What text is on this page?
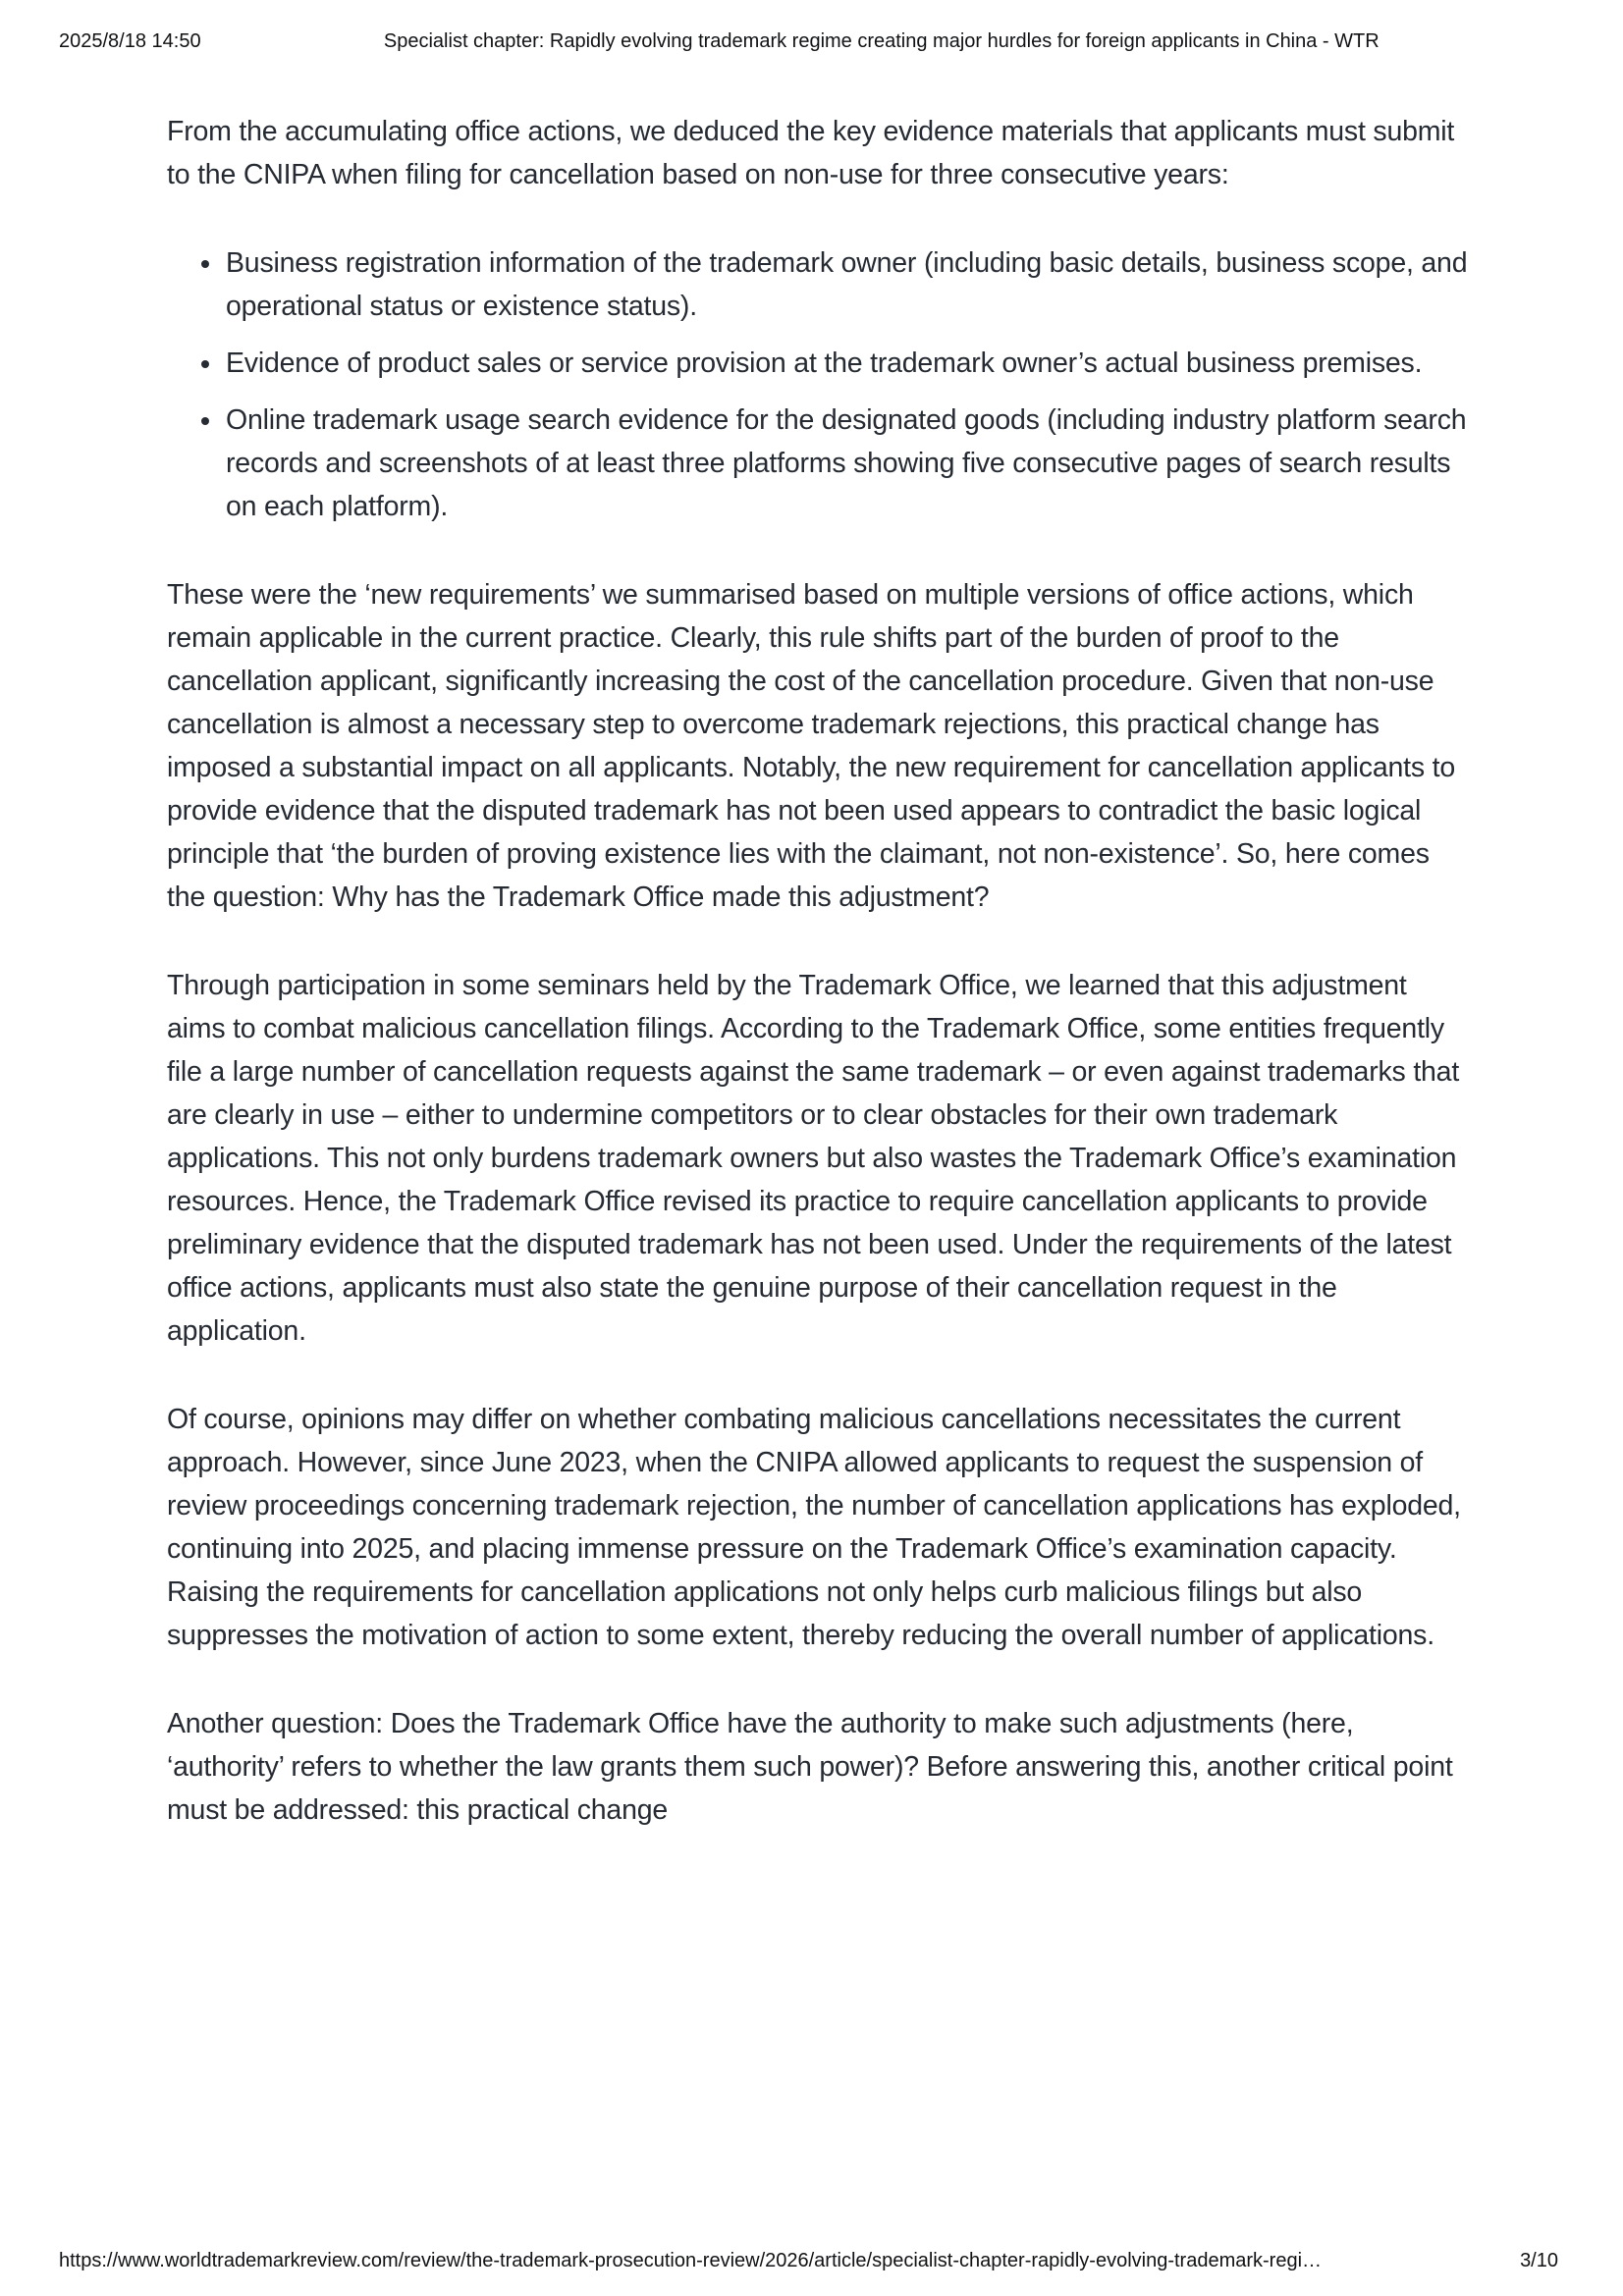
2025/8/18 14:50	Specialist chapter: Rapidly evolving trademark regime creating major hurdles for foreign applicants in China - WTR

From the accumulating office actions, we deduced the key evidence materials that applicants must submit to the CNIPA when filing for cancellation based on non-use for three consecutive years:

• Business registration information of the trademark owner (including basic details, business scope, and operational status or existence status).
• Evidence of product sales or service provision at the trademark owner’s actual business premises.
• Online trademark usage search evidence for the designated goods (including industry platform search records and screenshots of at least three platforms showing five consecutive pages of search results on each platform).

These were the ‘new requirements’ we summarised based on multiple versions of office actions, which remain applicable in the current practice. Clearly, this rule shifts part of the burden of proof to the cancellation applicant, significantly increasing the cost of the cancellation procedure. Given that non-use cancellation is almost a necessary step to overcome trademark rejections, this practical change has imposed a substantial impact on all applicants. Notably, the new requirement for cancellation applicants to provide evidence that the disputed trademark has not been used appears to contradict the basic logical principle that ‘the burden of proving existence lies with the claimant, not non-existence’. So, here comes the question: Why has the Trademark Office made this adjustment?

Through participation in some seminars held by the Trademark Office, we learned that this adjustment aims to combat malicious cancellation filings. According to the Trademark Office, some entities frequently file a large number of cancellation requests against the same trademark – or even against trademarks that are clearly in use – either to undermine competitors or to clear obstacles for their own trademark applications. This not only burdens trademark owners but also wastes the Trademark Office’s examination resources. Hence, the Trademark Office revised its practice to require cancellation applicants to provide preliminary evidence that the disputed trademark has not been used. Under the requirements of the latest office actions, applicants must also state the genuine purpose of their cancellation request in the application.

Of course, opinions may differ on whether combating malicious cancellations necessitates the current approach. However, since June 2023, when the CNIPA allowed applicants to request the suspension of review proceedings concerning trademark rejection, the number of cancellation applications has exploded, continuing into 2025, and placing immense pressure on the Trademark Office’s examination capacity. Raising the requirements for cancellation applications not only helps curb malicious filings but also suppresses the motivation of action to some extent, thereby reducing the overall number of applications.

Another question: Does the Trademark Office have the authority to make such adjustments (here, ‘authority’ refers to whether the law grants them such power)? Before answering this, another critical point must be addressed: this practical change

https://www.worldtrademarkreview.com/review/the-trademark-prosecution-review/2026/article/specialist-chapter-rapidly-evolving-trademark-regi…	3/10
